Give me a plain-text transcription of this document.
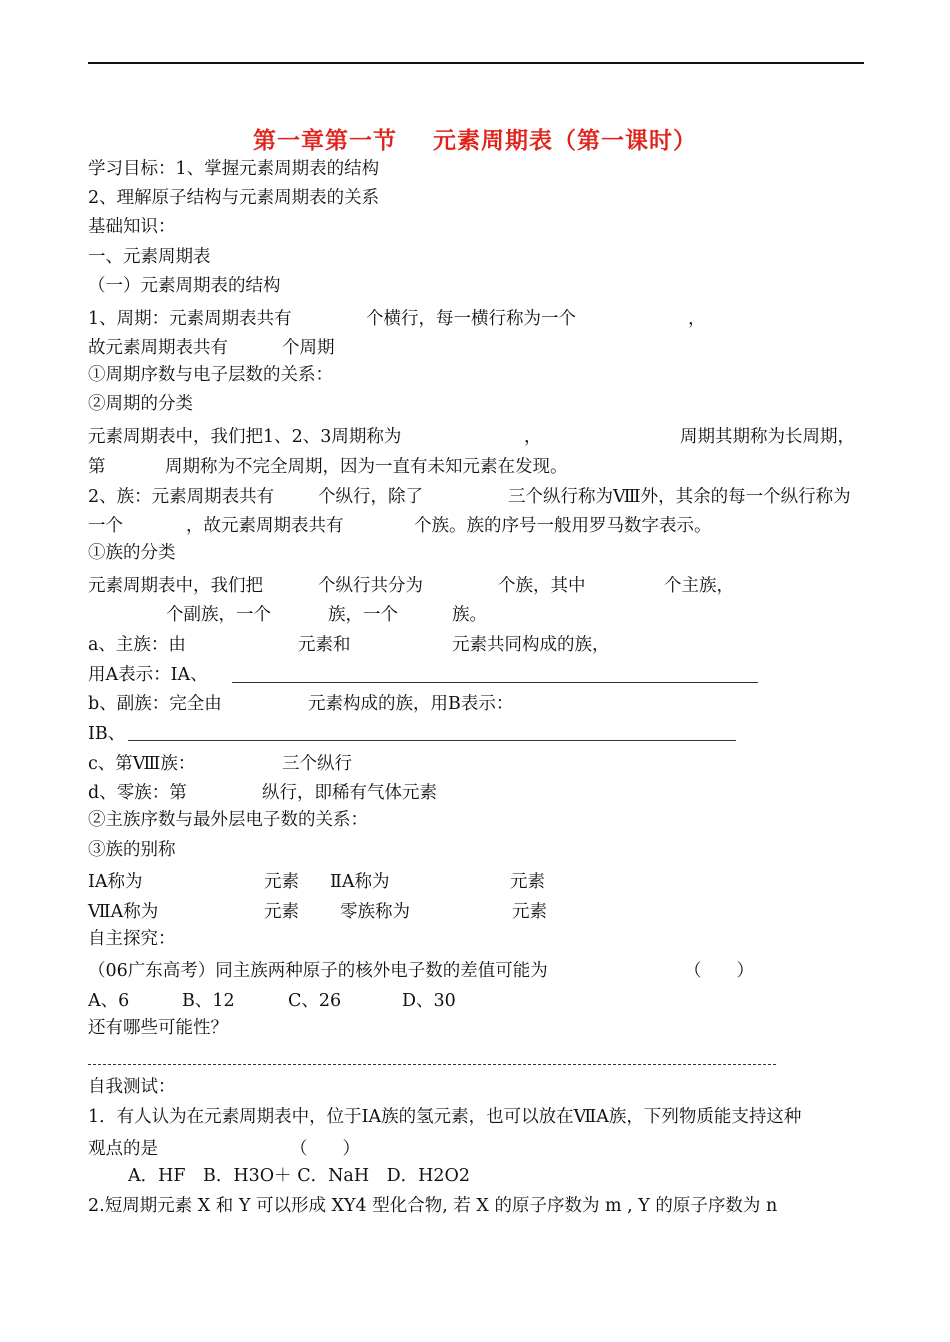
第一章第一节    元素周期表（第一课时）
学习目标：1、掌握元素周期表的结构
2、理解原子结构与元素周期表的关系
基础知识：
一、元素周期表
（一）元素周期表的结构
1、周期：元素周期表共有	个横行，每一横行称为一个	，
故元素周期表共有	个周期
①周期序数与电子层数的关系：
②周期的分类
元素周期表中，我们把1、2、3周期称为	，	周期其期称为长周期，
第	周期称为不完全周期，因为一直有未知元素在发现。
2、族：元素周期表共有	个纵行，除了	三个纵行称为Ⅷ外，其余的每一个纵行称为
一个	，故元素周期表共有	个族。族的序号一般用罗马数字表示。
①族的分类
元素周期表中，我们把	个纵行共分为	个族，其中	个主族，
个副族，一个	族，一个	族。
a、主族：由	元素和	元素共同构成的族，
用A表示：ⅠA、
b、副族：完全由	元素构成的族，用B表示：
ⅠB、
c、第Ⅷ族：	三个纵行
d、零族：第	纵行，即稀有气体元素
②主族序数与最外层电子数的关系：
③族的别称
ⅠA称为	元素 ⅡA称为	元素
ⅦA称为	元素 零族称为	元素
自主探究：
（06广东高考）同主族两种原子的核外电子数的差值可能为	（　　）
A、6	B、12	C、26	D、30
还有哪些可能性？
自我测试：
1．有人认为在元素周期表中，位于ⅠA族的氢元素，也可以放在ⅦA族，下列物质能支持这种
观点的是	（　　）
A．HF　B．H3O＋ C．NaH　D．H2O2
2.短周期元素 X 和 Y 可以形成 XY4 型化合物, 若 X 的原子序数为 m , Y 的原子序数为 n
